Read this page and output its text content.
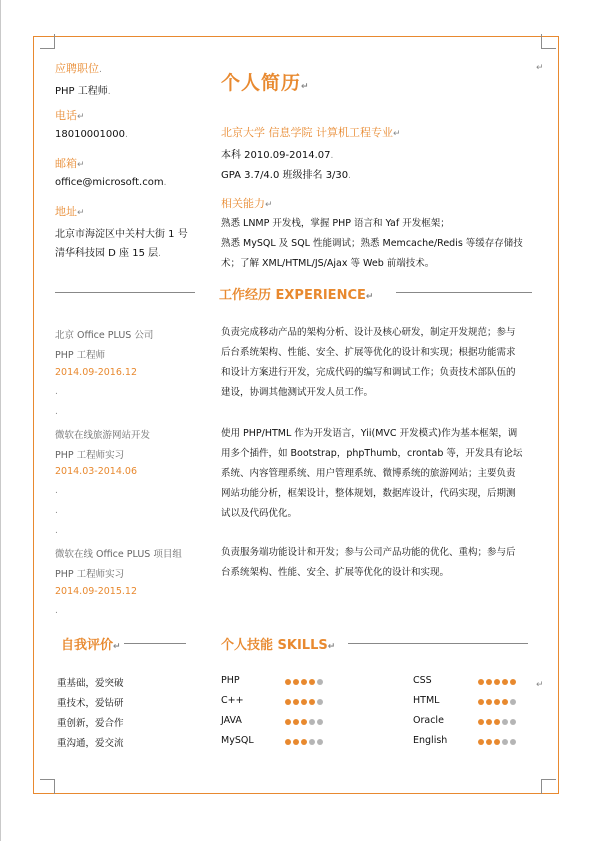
应聘职位.
PHP 工程师.
电话↵
18010001000.
邮箱↵
office@microsoft.com.
地址↵
北京市海淀区中关村大街 1 号
清华科技园 D 座 15 层.
个人简历↵
北京大学 信息学院 计算机工程专业↵
本科 2010.09-2014.07.
GPA 3.7/4.0 班级排名 3/30.
相关能力↵
熟悉 LNMP 开发栈，掌握 PHP 语言和 Yaf 开发框架；
熟悉 MySQL 及 SQL 性能调试；熟悉 Memcache/Redis 等缓存存储技
术；了解 XML/HTML/JS/Ajax 等 Web 前端技术。
↵
工作经历 EXPERIENCE↵
北京 Office PLUS 公司
PHP 工程师
2014.09-2016.12
.
.
负责完成移动产品的架构分析、设计及核心研发，制定开发规范；参与
后台系统架构、性能、安全、扩展等优化的设计和实现；根据功能需求
和设计方案进行开发，完成代码的编写和调试工作；负责技术部队伍的
建设，协调其他测试开发人员工作。
微软在线旅游网站开发
PHP 工程师实习
2014.03-2014.06
.
.
.
使用 PHP/HTML 作为开发语言，Yii(MVC 开发模式)作为基本框架，调
用多个插件，如 Bootstrap，phpThumb，crontab 等，开发具有论坛
系统、内容管理系统、用户管理系统、微博系统的旅游网站；主要负责
网站功能分析，框架设计，整体规划，数据库设计，代码实现，后期测
试以及代码优化。
微软在线 Office PLUS 项目组
PHP 工程师实习
2014.09-2015.12
.
负责服务端功能设计和开发；参与公司产品功能的优化、重构；参与后
台系统架构、性能、安全、扩展等优化的设计和实现。
自我评价↵
重基础，爱突破
重技术，爱钻研
重创新，爱合作
重沟通，爱交流
个人技能 SKILLS↵
PHP
C++
JAVA
MySQL
CSS
HTML
Oracle
English
↵
